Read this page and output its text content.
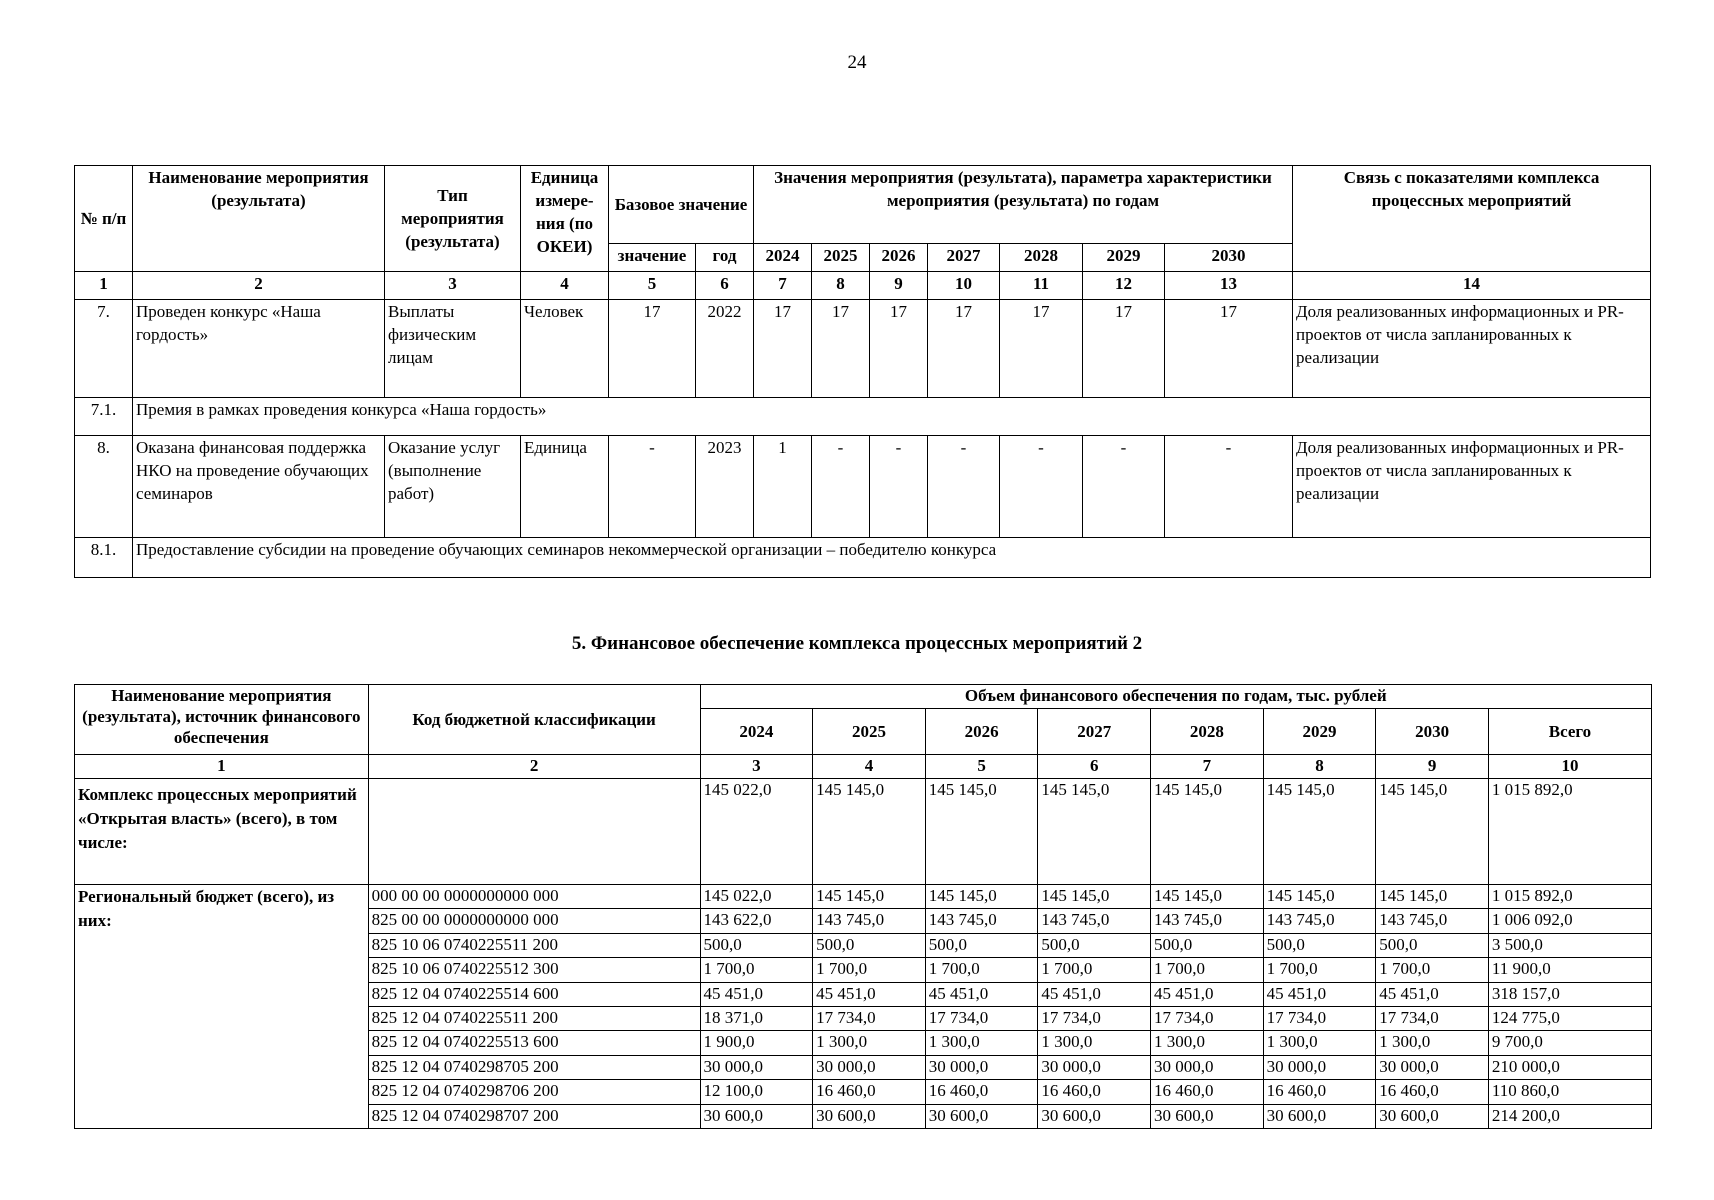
24
№ п/п	Наименование мероприятия (результата)	Тип мероприятия (результата)	Единица измере-ния (по ОКЕИ)	Базовое значение		Значения мероприятия (результата), параметра характеристики мероприятия (результата) по годам							Связь с показателями комплекса процессных мероприятий
				значение	год	2024	2025	2026	2027	2028	2029	2030	
1	2	3	4	5	6	7	8	9	10	11	12	13	14
7.	Проведен конкурс «Наша гордость»	Выплаты физическим лицам	Человек	17	2022	17	17	17	17	17	17	17	Доля реализованных информационных и PR-проектов от числа запланированных к реализации
7.1.	Премия в рамках проведения конкурса «Наша гордость»												
8.	Оказана финансовая поддержка НКО на проведение обучающих семинаров	Оказание услуг (выполнение работ)	Единица	-	2023	1	-	-	-	-	-	-	Доля реализованных информационных и PR-проектов от числа запланированных к реализации
8.1.	Предоставление субсидии на проведение обучающих семинаров некоммерческой организации – победителю конкурса												
5. Финансовое обеспечение комплекса процессных мероприятий 2
Наименование мероприятия (результата), источник финансового обеспечения	Код бюджетной классификации	Объем финансового обеспечения по годам, тыс. рублей							
		2024	2025	2026	2027	2028	2029	2030	Всего
1	2	3	4	5	6	7	8	9	10
Комплекс процессных мероприятий «Открытая власть» (всего), в том числе:		145 022,0	145 145,0	145 145,0	145 145,0	145 145,0	145 145,0	145 145,0	1 015 892,0
Региональный бюджет (всего), из них:	000 00 00 0000000000 000	145 022,0	145 145,0	145 145,0	145 145,0	145 145,0	145 145,0	145 145,0	1 015 892,0
	825 00 00 0000000000 000	143 622,0	143 745,0	143 745,0	143 745,0	143 745,0	143 745,0	143 745,0	1 006 092,0
	825 10 06 0740225511 200	500,0	500,0	500,0	500,0	500,0	500,0	500,0	3 500,0
	825 10 06 0740225512 300	1 700,0	1 700,0	1 700,0	1 700,0	1 700,0	1 700,0	1 700,0	11 900,0
	825 12 04 0740225514 600	45 451,0	45 451,0	45 451,0	45 451,0	45 451,0	45 451,0	45 451,0	318 157,0
	825 12 04 0740225511 200	18 371,0	17 734,0	17 734,0	17 734,0	17 734,0	17 734,0	17 734,0	124 775,0
	825 12 04 0740225513 600	1 900,0	1 300,0	1 300,0	1 300,0	1 300,0	1 300,0	1 300,0	9 700,0
	825 12 04 0740298705 200	30 000,0	30 000,0	30 000,0	30 000,0	30 000,0	30 000,0	30 000,0	210 000,0
	825 12 04 0740298706 200	12 100,0	16 460,0	16 460,0	16 460,0	16 460,0	16 460,0	16 460,0	110 860,0
	825 12 04 0740298707 200	30 600,0	30 600,0	30 600,0	30 600,0	30 600,0	30 600,0	30 600,0	214 200,0
